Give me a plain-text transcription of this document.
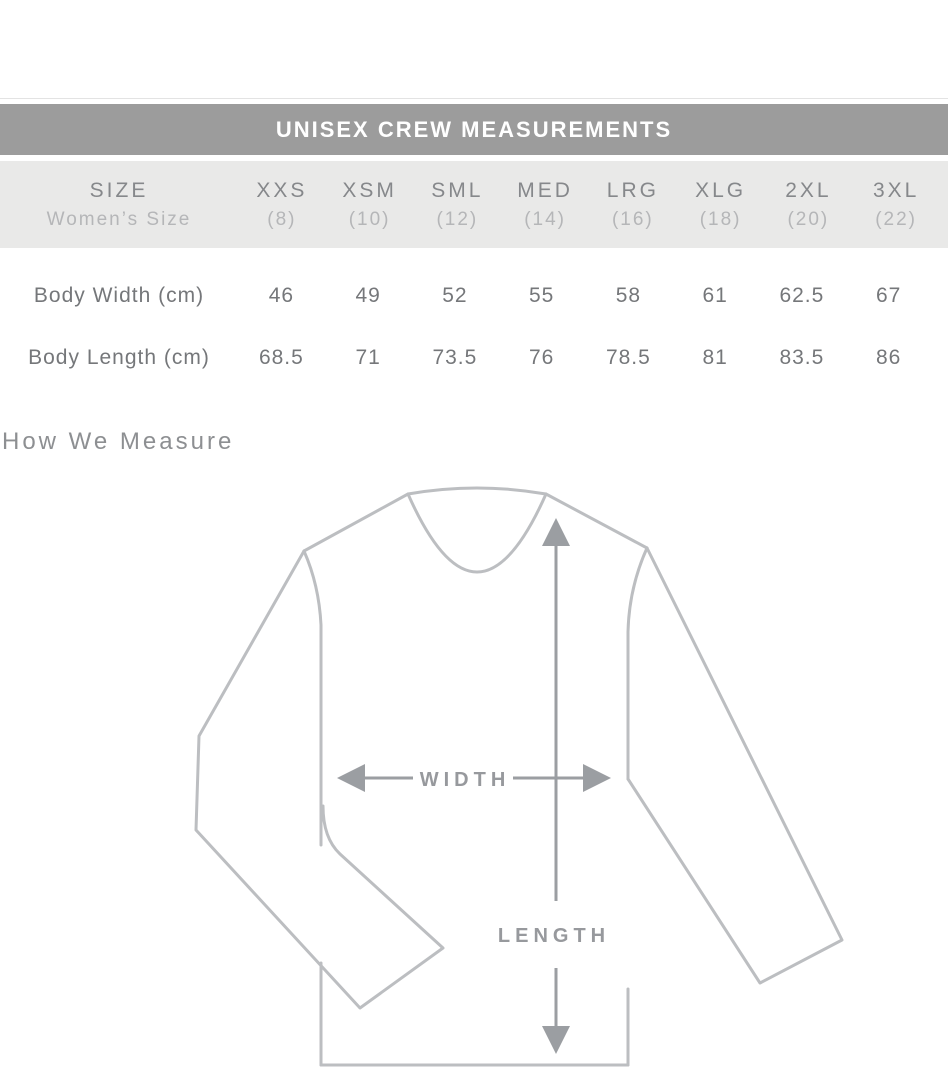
UNISEX CREW MEASUREMENTS
SIZE	XXS	XSM	SML	MED	LRG	XLG	2XL	3XL
Women’s Size	(8)	(10)	(12)	(14)	(16)	(18)	(20)	(22)
Body Width (cm)	46	49	52	55	58	61	62.5	67
Body Length (cm)	68.5	71	73.5	76	78.5	81	83.5	86
How We Measure
WIDTH
LENGTH
